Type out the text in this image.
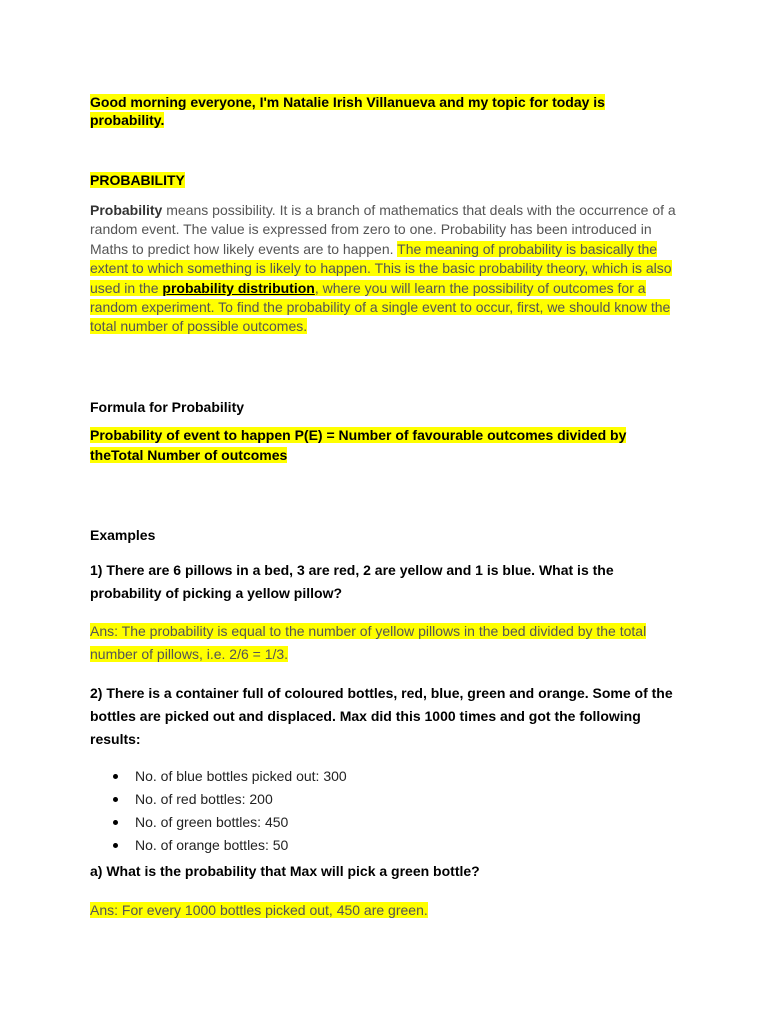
Good morning everyone, I'm Natalie Irish Villanueva and my topic for today is probability.

PROBABILITY

Probability means possibility. It is a branch of mathematics that deals with the occurrence of a random event. The value is expressed from zero to one. Probability has been introduced in Maths to predict how likely events are to happen. The meaning of probability is basically the extent to which something is likely to happen. This is the basic probability theory, which is also used in the probability distribution, where you will learn the possibility of outcomes for a random experiment. To find the probability of a single event to occur, first, we should know the total number of possible outcomes.

Formula for Probability

Probability of event to happen P(E) = Number of favourable outcomes divided by theTotal Number of outcomes

Examples

1) There are 6 pillows in a bed, 3 are red, 2 are yellow and 1 is blue. What is the probability of picking a yellow pillow?

Ans: The probability is equal to the number of yellow pillows in the bed divided by the total number of pillows, i.e. 2/6 = 1/3.

2) There is a container full of coloured bottles, red, blue, green and orange. Some of the bottles are picked out and displaced. Max did this 1000 times and got the following results:

No. of blue bottles picked out: 300
No. of red bottles: 200
No. of green bottles: 450
No. of orange bottles: 50

a) What is the probability that Max will pick a green bottle?

Ans: For every 1000 bottles picked out, 450 are green.
